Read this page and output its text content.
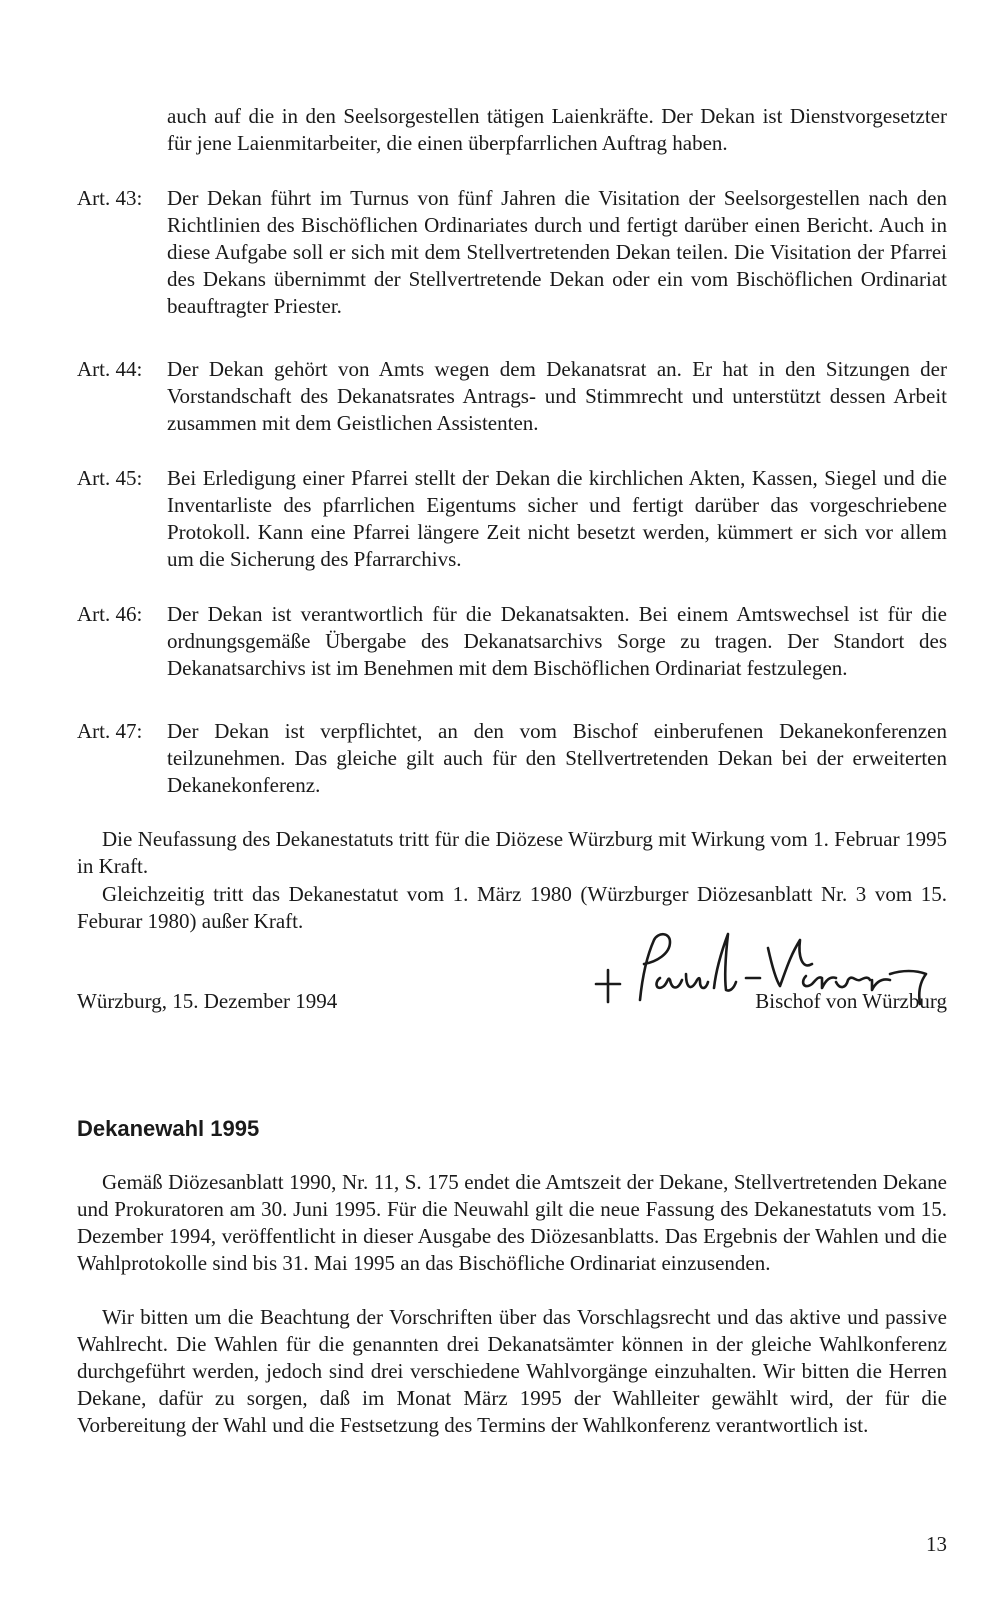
auch auf die in den Seelsorgestellen tätigen Laienkräfte. Der Dekan ist Dienstvorgesetzter für jene Laienmitarbeiter, die einen überpfarrlichen Auftrag haben.

Art. 43:	Der Dekan führt im Turnus von fünf Jahren die Visitation der Seelsorgestellen nach den Richtlinien des Bischöflichen Ordinariates durch und fertigt darüber einen Bericht. Auch in diese Aufgabe soll er sich mit dem Stellvertretenden Dekan teilen. Die Visitation der Pfarrei des Dekans übernimmt der Stellvertretende Dekan oder ein vom Bischöflichen Ordinariat beauftragter Priester.
Art. 44:	Der Dekan gehört von Amts wegen dem Dekanatsrat an. Er hat in den Sitzungen der Vorstandschaft des Dekanatsrates Antrags- und Stimmrecht und unterstützt dessen Arbeit zusammen mit dem Geistlichen Assistenten.
Art. 45:	Bei Erledigung einer Pfarrei stellt der Dekan die kirchlichen Akten, Kassen, Siegel und die Inventarliste des pfarrlichen Eigentums sicher und fertigt darüber das vorgeschriebene Protokoll. Kann eine Pfarrei längere Zeit nicht besetzt werden, kümmert er sich vor allem um die Sicherung des Pfarrarchivs.
Art. 46:	Der Dekan ist verantwortlich für die Dekanatsakten. Bei einem Amtswechsel ist für die ordnungsgemäße Übergabe des Dekanatsarchivs Sorge zu tragen. Der Standort des Dekanatsarchivs ist im Benehmen mit dem Bischöflichen Ordinariat festzulegen.
Art. 47:	Der Dekan ist verpflichtet, an den vom Bischof einberufenen Dekanekonferenzen teilzunehmen. Das gleiche gilt auch für den Stellvertretenden Dekan bei der erweiterten Dekanekonferenz.

Die Neufassung des Dekanestatuts tritt für die Diözese Würzburg mit Wirkung vom 1. Februar 1995 in Kraft.

Gleichzeitig tritt das Dekanestatut vom 1. März 1980 (Würzburger Diözesanblatt Nr. 3 vom 15. Feburar 1980) außer Kraft.

Würzburg, 15. Dezember 1994	Bischof von Würzburg
Dekanewahl 1995

Gemäß Diözesanblatt 1990, Nr. 11, S. 175 endet die Amtszeit der Dekane, Stellvertretenden Dekane und Prokuratoren am 30. Juni 1995. Für die Neuwahl gilt die neue Fassung des Dekanestatuts vom 15. Dezember 1994, veröffentlicht in dieser Ausgabe des Diözesanblatts. Das Ergebnis der Wahlen und die Wahlprotokolle sind bis 31. Mai 1995 an das Bischöfliche Ordinariat einzusenden.

Wir bitten um die Beachtung der Vorschriften über das Vorschlagsrecht und das aktive und passive Wahlrecht. Die Wahlen für die genannten drei Dekanatsämter können in der gleiche Wahlkonferenz durchgeführt werden, jedoch sind drei verschiedene Wahlvorgänge einzuhalten. Wir bitten die Herren Dekane, dafür zu sorgen, daß im Monat März 1995 der Wahlleiter gewählt wird, der für die Vorbereitung der Wahl und die Festsetzung des Termins der Wahlkonferenz verantwortlich ist.

13
